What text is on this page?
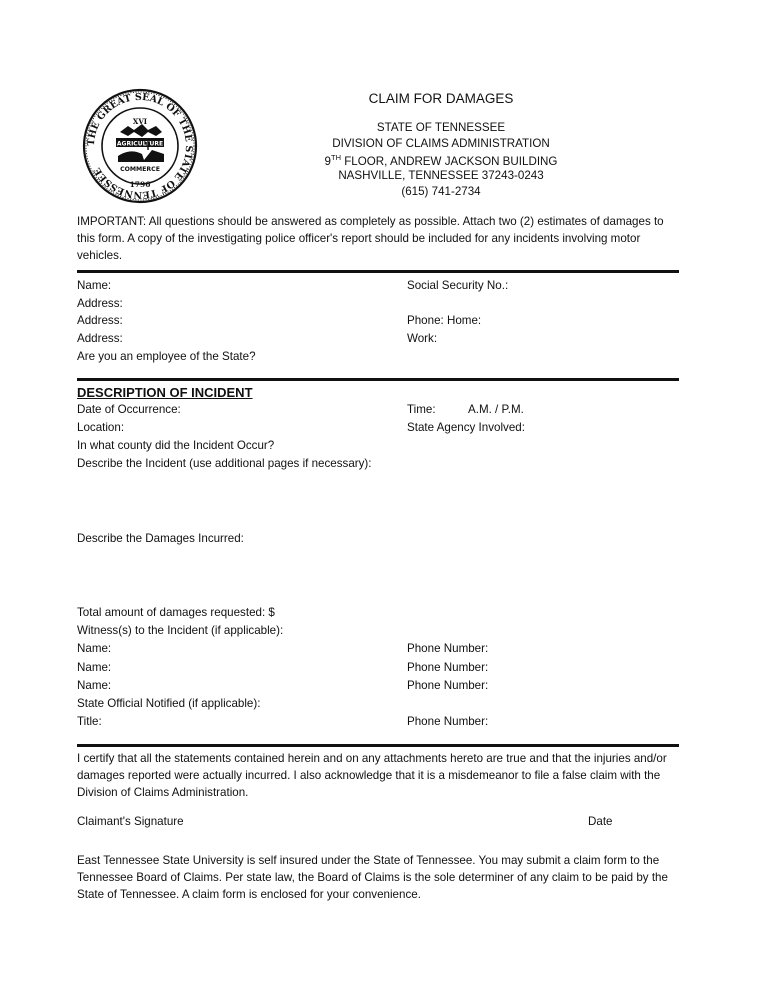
THE GREAT SEAL OF THE STATE OF TENNESSEE
XVI
AGRICULTURE
COMMERCE
1796
CLAIM FOR DAMAGES
STATE OF TENNESSEE
DIVISION OF CLAIMS ADMINISTRATION
9TH FLOOR, ANDREW JACKSON BUILDING
NASHVILLE, TENNESSEE 37243-0243
(615) 741-2734
IMPORTANT: All questions should be answered as completely as possible. Attach two (2) estimates of damages to this form. A copy of the investigating police officer's report should be included for any incidents involving motor vehicles.
Name:	Social Security No.:
Address:
Address:	Phone: Home:
Address:	Work:
Are you an employee of the State?
DESCRIPTION OF INCIDENT
Date of Occurrence:	Time:	A.M. / P.M.
Location:	State Agency Involved:
In what county did the Incident Occur?
Describe the Incident (use additional pages if necessary):
Describe the Damages Incurred:
Total amount of damages requested: $
Witness(s) to the Incident (if applicable):
Name:	Phone Number:
Name:	Phone Number:
Name:	Phone Number:
State Official Notified (if applicable):
Title:	Phone Number:
I certify that all the statements contained herein and on any attachments hereto are true and that the injuries and/or damages reported were actually incurred. I also acknowledge that it is a misdemeanor to file a false claim with the Division of Claims Administration.
Claimant's Signature	Date
East Tennessee State University is self insured under the State of Tennessee. You may submit a claim form to the Tennessee Board of Claims. Per state law, the Board of Claims is the sole determiner of any claim to be paid by the State of Tennessee. A claim form is enclosed for your convenience.
